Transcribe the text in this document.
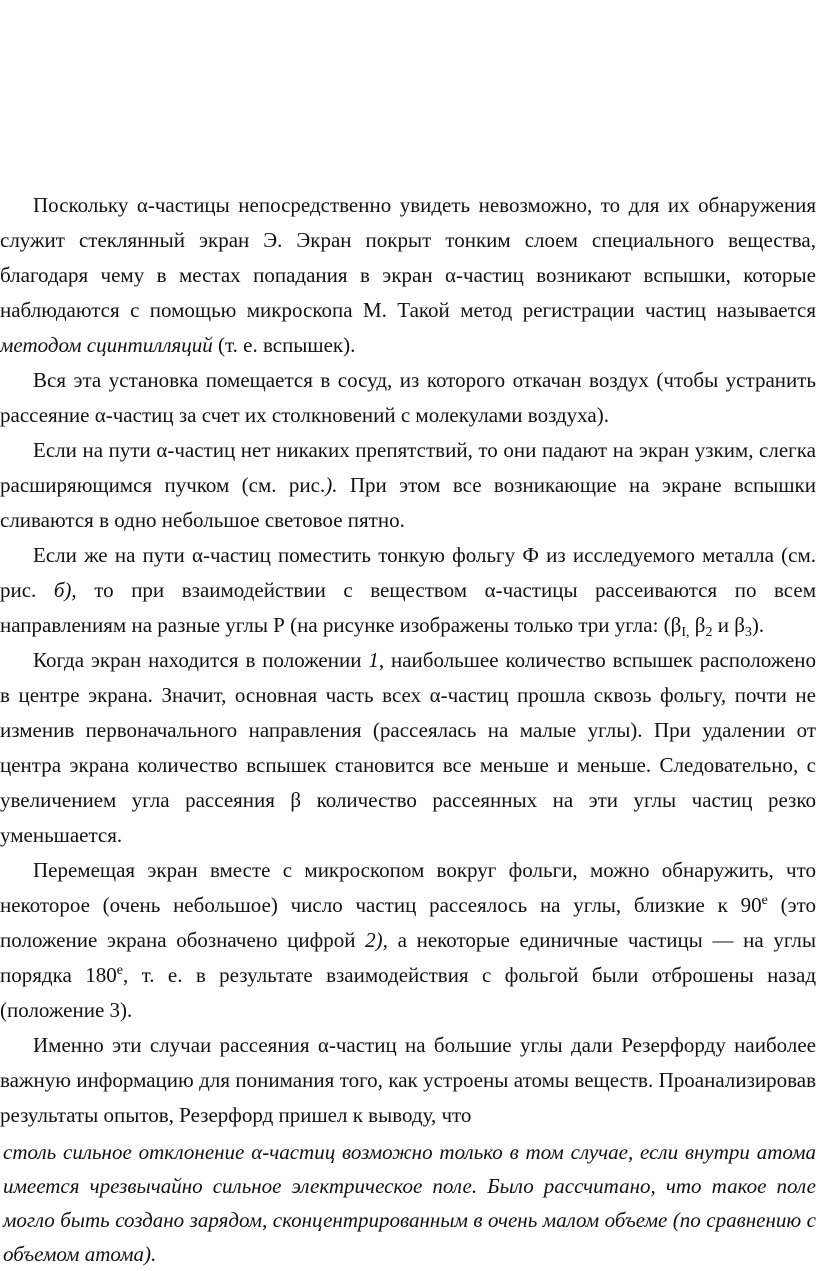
Поскольку α-частицы непосредственно увидеть невозможно, то для их обнаружения служит стеклянный экран Э. Экран покрыт тонким слоем специального вещества, благодаря чему в местах попадания в экран α-частиц возникают вспышки, которые наблюдаются с помощью микроскопа М. Такой метод регистрации частиц называется методом сцинтилляций (т. е. вспышек).

Вся эта установка помещается в сосуд, из которого откачан воздух (чтобы устранить рассеяние α-частиц за счет их столкновений с молекулами воздуха).

Если на пути α-частиц нет никаких препятствий, то они падают на экран узким, слегка расширяющимся пучком (см. рис.). При этом все возникающие на экране вспышки сливаются в одно небольшое световое пятно.

Если же на пути α-частиц поместить тонкую фольгу Ф из исследуемого металла (см. рис. б), то при взаимодействии с веществом α-частицы рассеиваются по всем направлениям на разные углы Р (на рисунке изображены только три угла: ($\beta_{I,}$ $\beta_2$ и $\beta_3$).

Когда экран находится в положении 1, наибольшее количество вспышек расположено в центре экрана. Значит, основная часть всех α-частиц прошла сквозь фольгу, почти не изменив первоначального направления (рассеялась на малые углы). При удалении от центра экрана количество вспышек становится все меньше и меньше. Следовательно, с увеличением угла рассеяния β количество рассеянных на эти углы частиц резко уменьшается.

Перемещая экран вместе с микроскопом вокруг фольги, можно обнаружить, что некоторое (очень небольшое) число частиц рассеялось на углы, близкие к $90^е$ (это положение экрана обозначено цифрой 2), а некоторые единичные частицы — на углы порядка $180^е$, т. е. в результате взаимодействия с фольгой были отброшены назад (положение 3).

Именно эти случаи рассеяния α-частиц на большие углы дали Резерфорду наиболее важную информацию для понимания того, как устроены атомы веществ. Проанализировав результаты опытов, Резерфорд пришел к выводу, что

столь сильное отклонение α-частиц возможно только в том случае, если внутри атома имеется чрезвычайно сильное электрическое поле. Было рассчитано, что такое поле могло быть создано зарядом, сконцентрированным в очень малом объеме (по сравнению с объемом атома).
